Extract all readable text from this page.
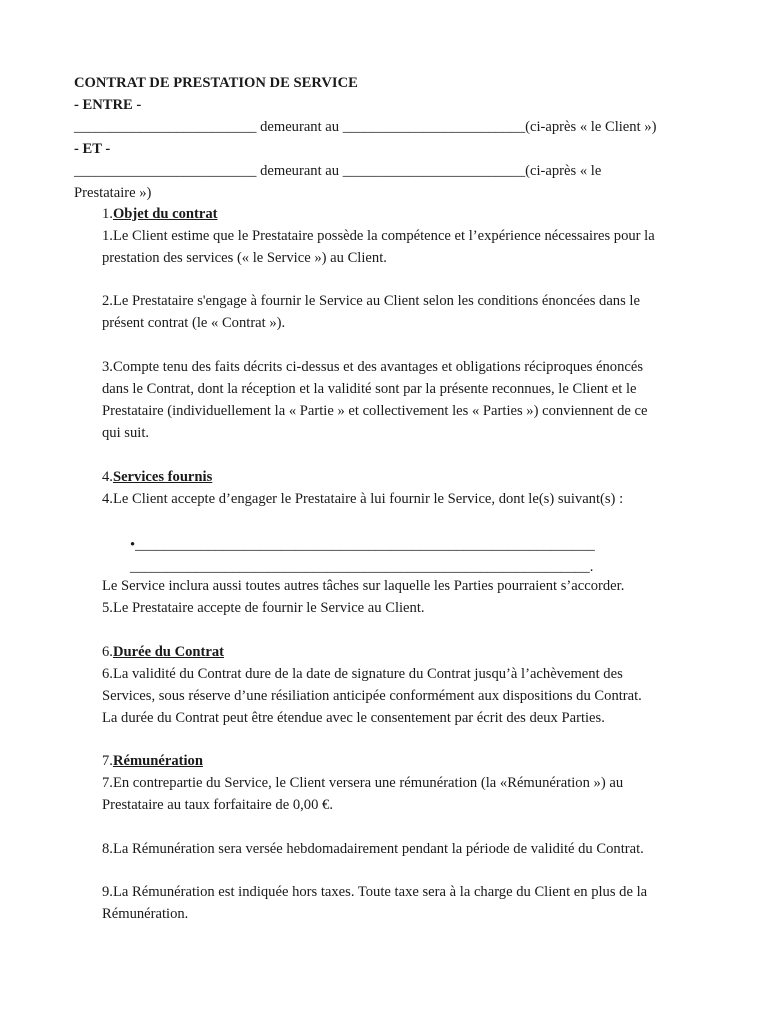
CONTRAT DE PRESTATION DE SERVICE
- ENTRE -
_________________________ demeurant au _________________________(ci-après « le Client »)
- ET -
_________________________ demeurant au _________________________(ci-après « le
Prestataire »)
1.Objet du contrat
1.Le Client estime que le Prestataire possède la compétence et l’expérience nécessaires pour la
prestation des services (« le Service ») au Client.
2.Le Prestataire s'engage à fournir le Service au Client selon les conditions énoncées dans le
présent contrat (le « Contrat »).
3.Compte tenu des faits décrits ci-dessus et des avantages et obligations réciproques énoncés
dans le Contrat, dont la réception et la validité sont par la présente reconnues, le Client et le
Prestataire (individuellement la « Partie » et collectivement les « Parties ») conviennent de ce
qui suit.
4.Services fournis
4.Le Client accepte d’engager le Prestataire à lui fournir le Service, dont le(s) suivant(s) :
•_______________________________________________________________
_______________________________________________________________.
Le Service inclura aussi toutes autres tâches sur laquelle les Parties pourraient s’accorder.
5.Le Prestataire accepte de fournir le Service au Client.
6.Durée du Contrat
6.La validité du Contrat dure de la date de signature du Contrat jusqu’à l’achèvement des
Services, sous réserve d’une résiliation anticipée conformément aux dispositions du Contrat.
La durée du Contrat peut être étendue avec le consentement par écrit des deux Parties.
7.Rémunération
7.En contrepartie du Service, le Client versera une rémunération (la «Rémunération ») au
Prestataire au taux forfaitaire de 0,00 €.
8.La Rémunération sera versée hebdomadairement pendant la période de validité du Contrat.
9.La Rémunération est indiquée hors taxes. Toute taxe sera à la charge du Client en plus de la
Rémunération.
